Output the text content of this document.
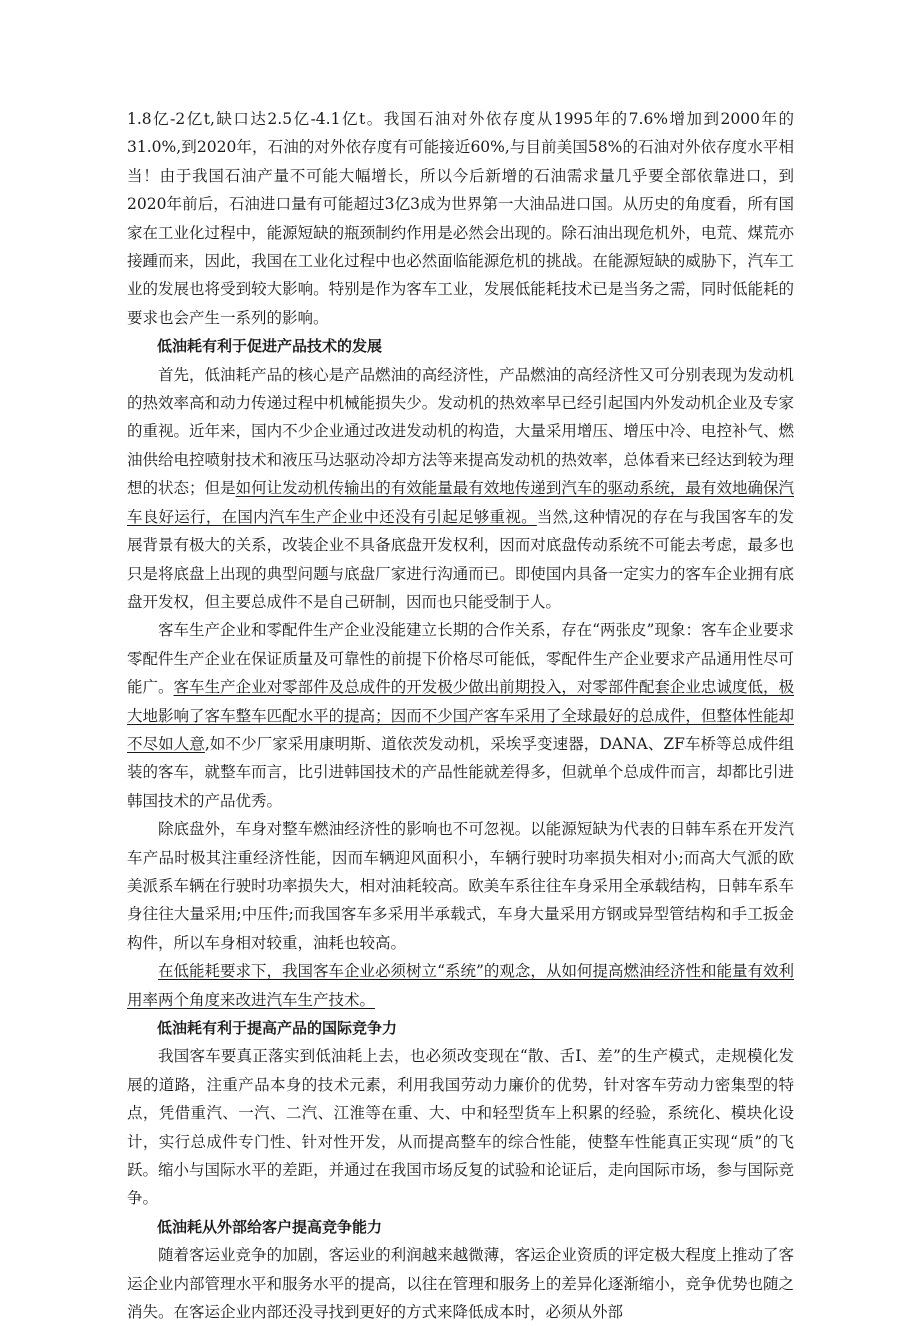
1.8亿-2亿t,缺口达2.5亿-4.1亿t。我国石油对外依存度从1995年的7.6%增加到2000年的31.0%,到2020年，石油的对外依存度有可能接近60%,与目前美国58%的石油对外依存度水平相当！由于我国石油产量不可能大幅增长，所以今后新增的石油需求量几乎要全部依靠进口，到2020年前后，石油进口量有可能超过3亿3成为世界第一大油品进口国。从历史的角度看，所有国家在工业化过程中，能源短缺的瓶颈制约作用是必然会出现的。除石油出现危机外，电荒、煤荒亦接踵而来，因此，我国在工业化过程中也必然面临能源危机的挑战。在能源短缺的威胁下，汽车工业的发展也将受到较大影响。特别是作为客车工业，发展低能耗技术已是当务之需，同时低能耗的要求也会产生一系列的影响。

低油耗有利于促进产品技术的发展

首先，低油耗产品的核心是产品燃油的高经济性，产品燃油的高经济性又可分别表现为发动机的热效率高和动力传递过程中机械能损失少。发动机的热效率早已经引起国内外发动机企业及专家的重视。近年来，国内不少企业通过改进发动机的构造，大量采用增压、增压中冷、电控补气、燃油供给电控喷射技术和液压马达驱动冷却方法等来提高发动机的热效率，总体看来已经达到较为理想的状态；但是如何让发动机传输出的有效能量最有效地传递到汽车的驱动系统，最有效地确保汽车良好运行，在国内汽车生产企业中还没有引起足够重视。当然,这种情况的存在与我国客车的发展背景有极大的关系，改装企业不具备底盘开发权利，因而对底盘传动系统不可能去考虑，最多也只是将底盘上出现的典型问题与底盘厂家进行沟通而已。即使国内具备一定实力的客车企业拥有底盘开发权，但主要总成件不是自己研制，因而也只能受制于人。

客车生产企业和零配件生产企业没能建立长期的合作关系，存在“两张皮”现象：客车企业要求零配件生产企业在保证质量及可靠性的前提下价格尽可能低，零配件生产企业要求产品通用性尽可能广。客车生产企业对零部件及总成件的开发极少做出前期投入，对零部件配套企业忠诚度低，极大地影响了客车整车匹配水平的提高；因而不少国产客车采用了全球最好的总成件，但整体性能却不尽如人意,如不少厂家采用康明斯、道依茨发动机，采埃孚变速器，DANA、ZF车桥等总成件组装的客车，就整车而言，比引进韩国技术的产品性能就差得多，但就单个总成件而言，却都比引进韩国技术的产品优秀。

除底盘外，车身对整车燃油经济性的影响也不可忽视。以能源短缺为代表的日韩车系在开发汽车产品时极其注重经济性能，因而车辆迎风面积小，车辆行驶时功率损失相对小;而高大气派的欧美派系车辆在行驶时功率损失大，相对油耗较高。欧美车系往往车身采用全承载结构，日韩车系车身往往大量采用;中压件;而我国客车多采用半承载式，车身大量采用方钢或异型管结构和手工扳金构件，所以车身相对较重，油耗也较高。

在低能耗要求下，我国客车企业必须树立“系统”的观念，从如何提高燃油经济性和能量有效利用率两个角度来改进汽车生产技术。

低油耗有利于提高产品的国际竞争力

我国客车要真正落实到低油耗上去，也必须改变现在“散、舌I、差”的生产模式，走规模化发展的道路，注重产品本身的技术元素，利用我国劳动力廉价的优势，针对客车劳动力密集型的特点，凭借重汽、一汽、二汽、江淮等在重、大、中和轻型货车上积累的经验，系统化、模块化设计，实行总成件专门性、针对性开发，从而提高整车的综合性能，使整车性能真正实现“质”的飞跃。缩小与国际水平的差距，并通过在我国市场反复的试验和论证后，走向国际市场，参与国际竞争。

低油耗从外部给客户提高竞争能力

随着客运业竞争的加剧，客运业的利润越来越微薄，客运企业资质的评定极大程度上推动了客运企业内部管理水平和服务水平的提高，以往在管理和服务上的差异化逐渐缩小，竞争优势也随之消失。在客运企业内部还没寻找到更好的方式来降低成本时，必须从外部
